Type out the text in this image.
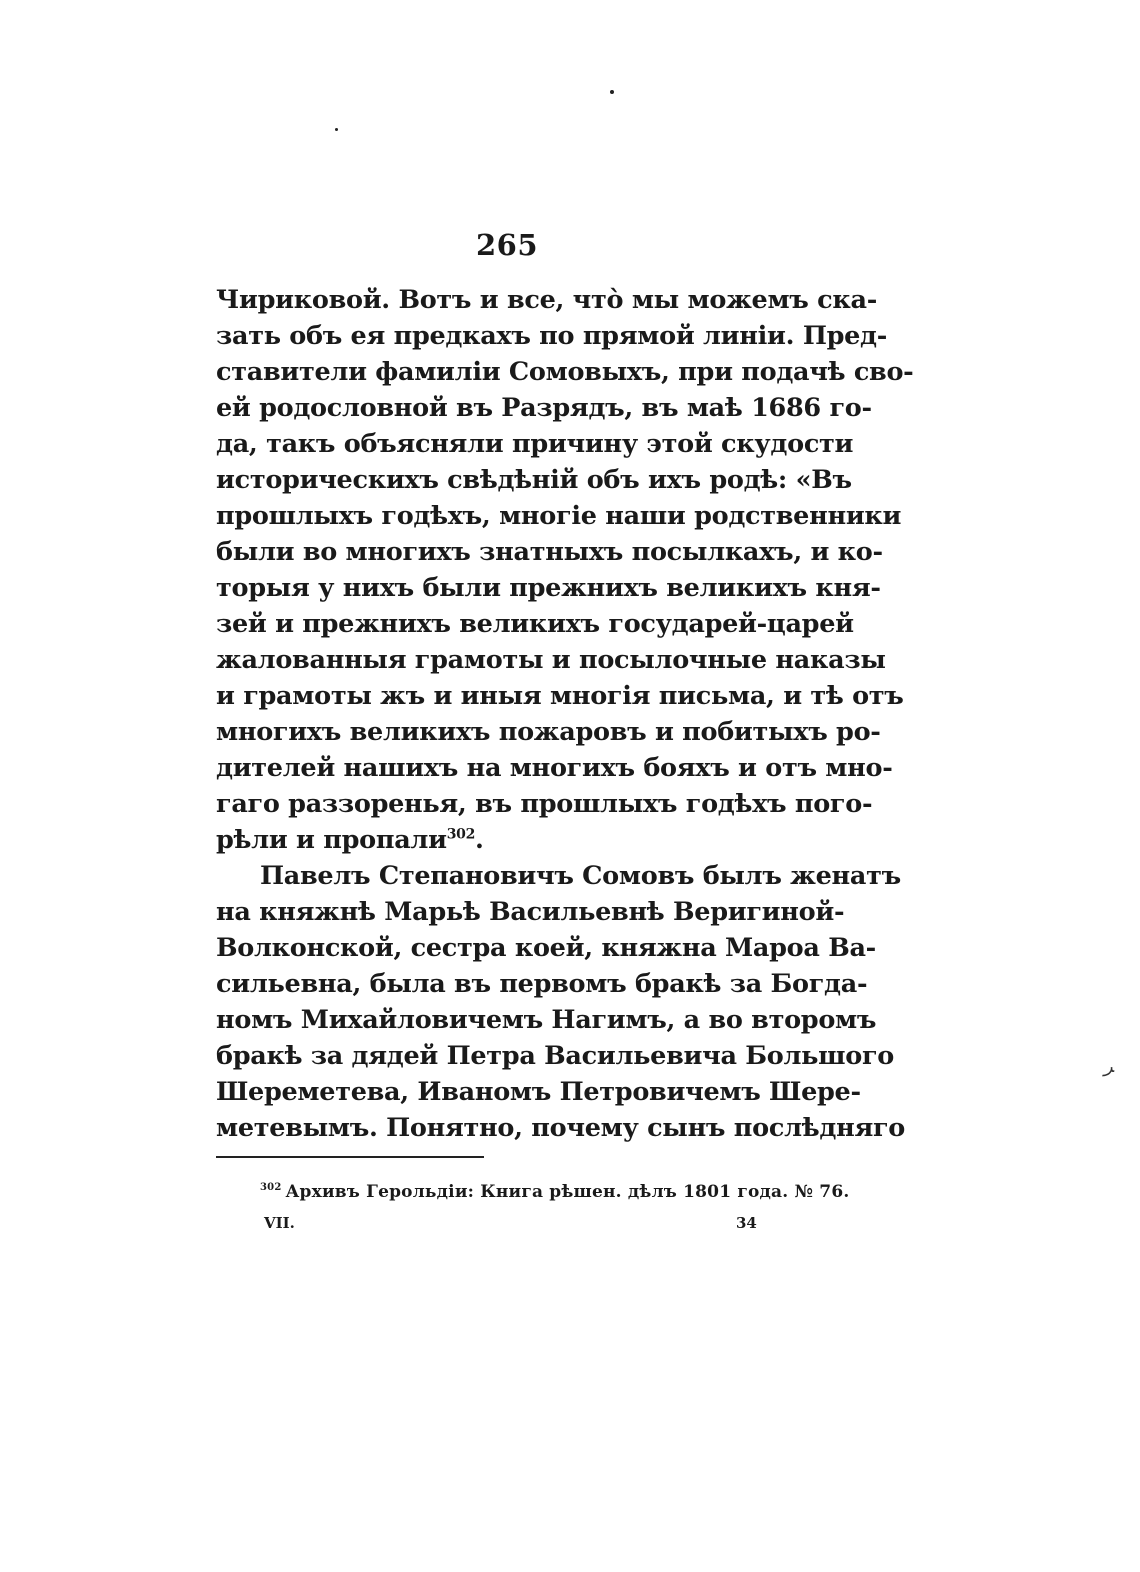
265
Чириковой. Вотъ и все, чтò мы можемъ ска-
зать объ ея предкахъ по прямой линіи. Пред-
ставители фамиліи Сомовыхъ, при подачѣ сво-
ей родословной въ Разрядъ, въ маѣ 1686 го-
да, такъ объясняли причину этой скудости
историческихъ свѣдѣній объ ихъ родѣ: «Въ
прошлыхъ годѣхъ, многіе наши родственники
были во многихъ знатныхъ посылкахъ, и ко-
торыя у нихъ были прежнихъ великихъ кня-
зей и прежнихъ великихъ государей-царей
жалованныя грамоты и посылочные наказы
и грамоты жъ и иныя многія письма, и тѣ отъ
многихъ великихъ пожаровъ и побитыхъ ро-
дителей нашихъ на многихъ бояхъ и отъ мно-
гаго раззоренья, въ прошлыхъ годѣхъ пого-
рѣли и пропали$^{302}$.
Павелъ Степановичъ Сомовъ былъ женатъ
на княжнѣ Марьѣ Васильевнѣ Веригиной-
Волконской, сестра коей, княжна Мароа Ва-
сильевна, была въ первомъ бракѣ за Богда-
номъ Михайловичемъ Нагимъ, а во второмъ
бракѣ за дядей Петра Васильевича Большого
Шереметева, Иваномъ Петровичемъ Шере-
метевымъ. Понятно, почему сынъ послѣдняго
$^{302}$ Архивъ Герольдіи: Книга рѣшен. дѣлъ 1801 года. № 76.
VII.	34
ﺮ
